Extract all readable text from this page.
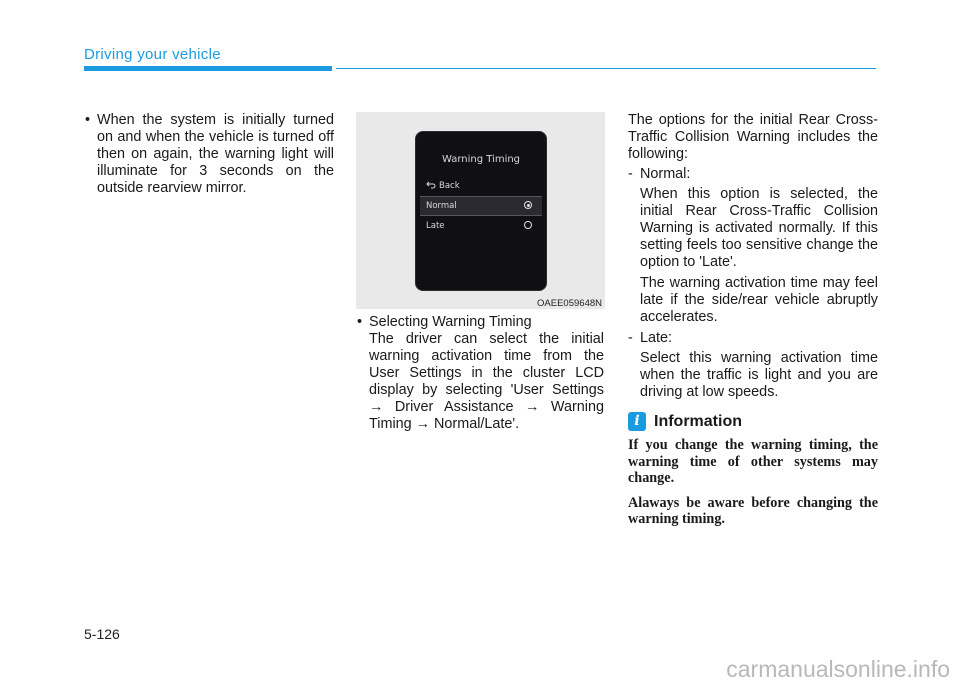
Driving your vehicle
• When the system is initially turned on and when the vehicle is turned off then on again, the warning light will illuminate for 3 seconds on the outside rearview mirror.
Warning Timing
Back
Normal
Late
OAEE059648N
• Selecting Warning Timing

The driver can select the initial warning activation time from the User Settings in the cluster LCD display by selecting 'User Settings → Driver Assistance → Warning Timing → Normal/Late'.

The options for the initial Rear Cross-Traffic Collision Warning includes the following:

- Normal:

When this option is selected, the initial Rear Cross-Traffic Collision Warning is activated normally. If this setting feels too sensitive change the option to 'Late'.

The warning activation time may feel late if the side/rear vehicle abruptly accelerates.

- Late:

Select this warning activation time when the traffic is light and you are driving at low speeds.

i Information

If you change the warning timing, the warning time of other systems may change.

Alaways be aware before changing the warning timing.

5-126
carmanualsonline.info
